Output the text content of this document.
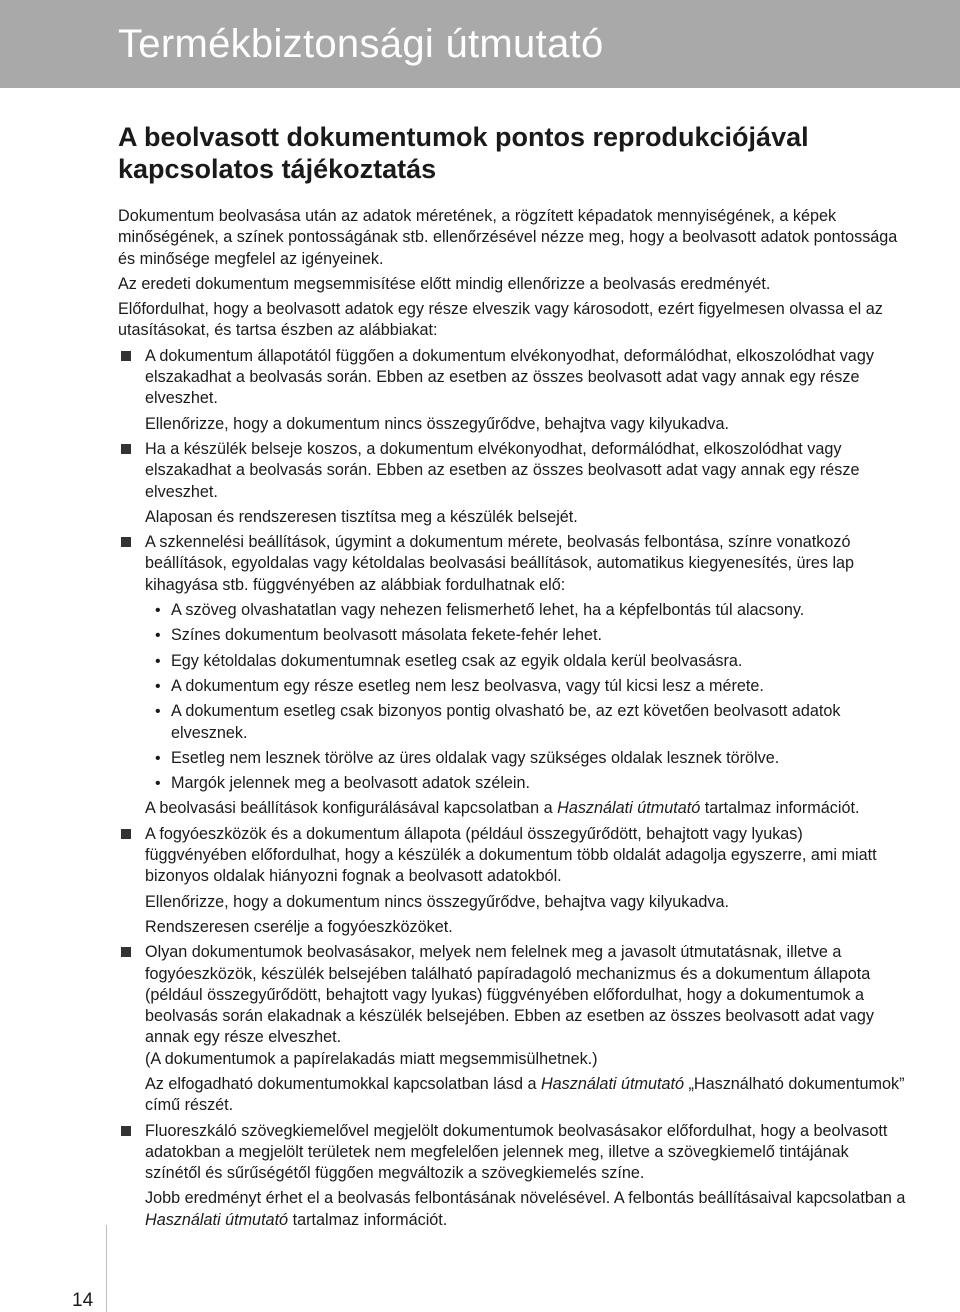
Termékbiztonsági útmutató
A beolvasott dokumentumok pontos reprodukciójával
kapcsolatos tájékoztatás

Dokumentum beolvasása után az adatok méretének, a rögzített képadatok mennyiségének, a képek minőségének, a színek pontosságának stb. ellenőrzésével nézze meg, hogy a beolvasott adatok pontossága és minősége megfelel az igényeinek.

Az eredeti dokumentum megsemmisítése előtt mindig ellenőrizze a beolvasás eredményét.

Előfordulhat, hogy a beolvasott adatok egy része elveszik vagy károsodott, ezért figyelmesen olvassa el az utasításokat, és tartsa észben az alábbiakat:

A dokumentum állapotától függően a dokumentum elvékonyodhat, deformálódhat, elkoszolódhat vagy elszakadhat a beolvasás során. Ebben az esetben az összes beolvasott adat vagy annak egy része elveszhet.

Ellenőrizze, hogy a dokumentum nincs összegyűrődve, behajtva vagy kilyukadva.

Ha a készülék belseje koszos, a dokumentum elvékonyodhat, deformálódhat, elkoszolódhat vagy elszakadhat a beolvasás során. Ebben az esetben az összes beolvasott adat vagy annak egy része elveszhet.

Alaposan és rendszeresen tisztítsa meg a készülék belsejét.

A szkennelési beállítások, úgymint a dokumentum mérete, beolvasás felbontása, színre vonatkozó beállítások, egyoldalas vagy kétoldalas beolvasási beállítások, automatikus kiegyenesítés, üres lap kihagyása stb. függvényében az alábbiak fordulhatnak elő:

• A szöveg olvashatatlan vagy nehezen felismerhető lehet, ha a képfelbontás túl alacsony.
• Színes dokumentum beolvasott másolata fekete-fehér lehet.
• Egy kétoldalas dokumentumnak esetleg csak az egyik oldala kerül beolvasásra.
• A dokumentum egy része esetleg nem lesz beolvasva, vagy túl kicsi lesz a mérete.
• A dokumentum esetleg csak bizonyos pontig olvasható be, az ezt követően beolvasott adatok elvesznek.
• Esetleg nem lesznek törölve az üres oldalak vagy szükséges oldalak lesznek törölve.
• Margók jelennek meg a beolvasott adatok szélein.

A beolvasási beállítások konfigurálásával kapcsolatban a Használati útmutató tartalmaz információt.

A fogyóeszközök és a dokumentum állapota (például összegyűrődött, behajtott vagy lyukas) függvényében előfordulhat, hogy a készülék a dokumentum több oldalát adagolja egyszerre, ami miatt bizonyos oldalak hiányozni fognak a beolvasott adatokból.

Ellenőrizze, hogy a dokumentum nincs összegyűrődve, behajtva vagy kilyukadva.

Rendszeresen cserélje a fogyóeszközöket.

Olyan dokumentumok beolvasásakor, melyek nem felelnek meg a javasolt útmutatásnak, illetve a fogyóeszközök, készülék belsejében található papíradagoló mechanizmus és a dokumentum állapota (például összegyűrődött, behajtott vagy lyukas) függvényében előfordulhat, hogy a dokumentumok a beolvasás során elakadnak a készülék belsejében. Ebben az esetben az összes beolvasott adat vagy annak egy része elveszhet.

(A dokumentumok a papírelakadás miatt megsemmisülhetnek.)

Az elfogadható dokumentumokkal kapcsolatban lásd a Használati útmutató „Használható dokumentumok” című részét.

Fluoreszkáló szövegkiemelővel megjelölt dokumentumok beolvasásakor előfordulhat, hogy a beolvasott adatokban a megjelölt területek nem megfelelően jelennek meg, illetve a szövegkiemelő tintájának színétől és sűrűségétől függően megváltozik a szövegkiemelés színe.

Jobb eredményt érhet el a beolvasás felbontásának növelésével. A felbontás beállításaival kapcsolatban a Használati útmutató tartalmaz információt.

14
